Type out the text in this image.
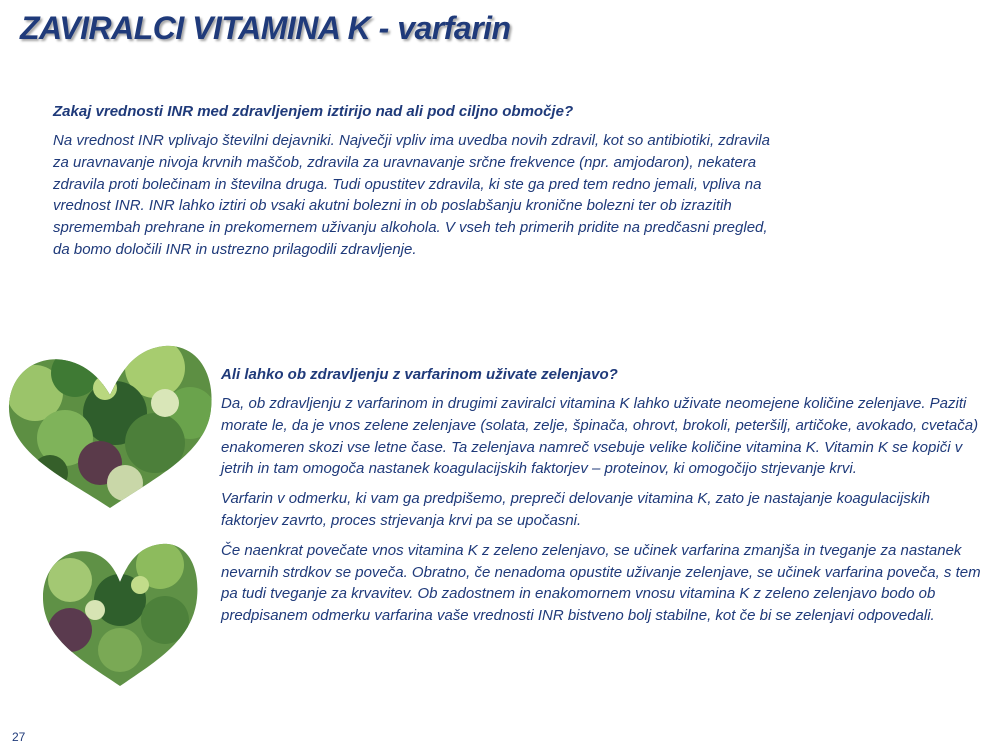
ZAVIRALCI VITAMINA K - varfarin

Zakaj vrednosti INR med zdravljenjem iztirijo nad ali pod ciljno območje?

Na vrednost INR vplivajo številni dejavniki. Največji vpliv ima uvedba novih zdravil, kot so antibiotiki, zdravila za uravnavanje nivoja krvnih maščob, zdravila za uravnavanje srčne frekvence (npr. amjodaron), nekatera zdravila proti bolečinam in številna druga. Tudi opustitev zdravila, ki ste ga pred tem redno jemali, vpliva na vrednost INR. INR lahko iztiri ob vsaki akutni bolezni in ob poslabšanju kronične bolezni ter ob izrazitih spremembah prehrane in prekomernem uživanju alkohola. V vseh teh primerih pridite na predčasni pregled, da bomo določili INR in ustrezno prilagodili zdravljenje.

Ali lahko ob zdravljenju z varfarinom uživate zelenjavo?

Da, ob zdravljenju z varfarinom in drugimi zaviralci vitamina K lahko uživate neomejene količine zelenjave. Paziti morate le, da je vnos zelene zelenjave (solata, zelje, špinača, ohrovt, brokoli, peteršilj, artičoke, avokado, cvetača) enakomeren skozi vse letne čase. Ta zelenjava namreč vsebuje velike količine vitamina K. Vitamin K se kopiči v jetrih in tam omogoča nastanek koagulacijskih faktorjev – proteinov, ki omogočijo strjevanje krvi.

Varfarin v odmerku, ki vam ga predpišemo, prepreči delovanje vitamina K, zato je nastajanje koagulacijskih faktorjev zavrto, proces strjevanja krvi pa se upočasni.

Če naenkrat povečate vnos vitamina K z zeleno zelenjavo, se učinek varfarina zmanjša in tveganje za nastanek nevarnih strdkov se poveča. Obratno, če nenadoma opustite uživanje zelenjave, se učinek varfarina poveča, s tem pa tudi tveganje za krvavitev. Ob zadostnem in enakomornem vnosu vitamina K z zeleno zelenjavo bodo ob predpisanem odmerku varfarina vaše vrednosti INR bistveno bolj stabilne, kot če bi se zelenjavi odpovedali.

27
